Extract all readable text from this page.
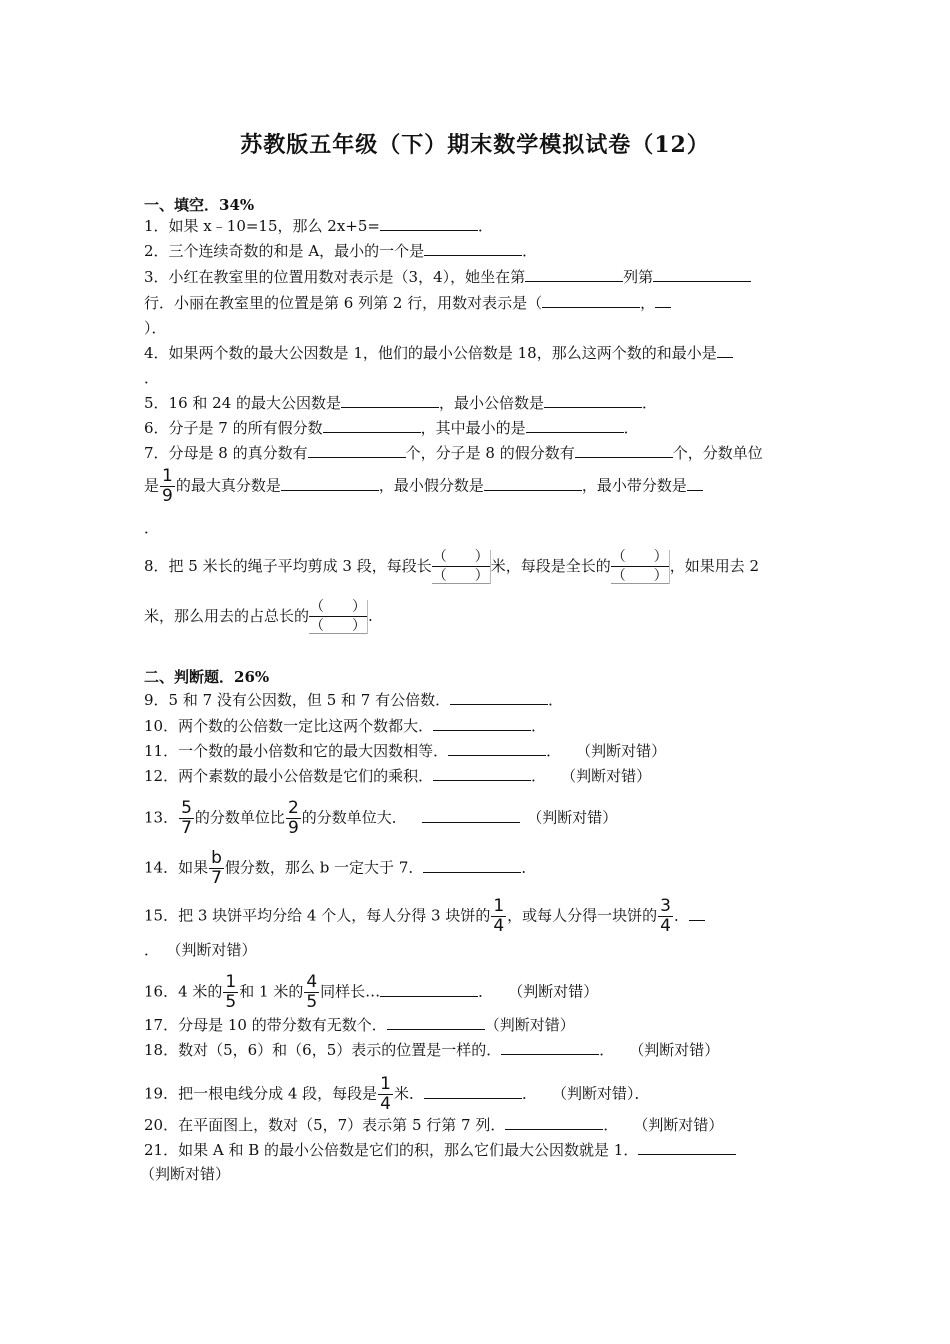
苏教版五年级（下）期末数学模拟试卷（12）
一、填空．34%
1．如果 x﹣10=15，那么 2x+5=	．
2．三个连续奇数的和是 A，最小的一个是	．
3．小红在教室里的位置用数对表示是（3，4），她坐在第	列第
行．小丽在教室里的位置是第 6 列第 2 行，用数对表示是（	，
）．
4．如果两个数的最大公因数是 1，他们的最小公倍数是 18，那么这两个数的和最小是
．
5．16 和 24 的最大公因数是	，最小公倍数是	．
6．分子是 7 的所有假分数	，其中最小的是	．
7．分母是 8 的真分数有	个，分子是 8 的假分数有	个，分数单位
是 $\frac{1}{9}$ 的最大真分数是	，最小假分数是	，最小带分数是
．
8．把 5 米长的绳子平均剪成 3 段，每段长 （　　）
（　　）
米，每段是全长的 （　　）
（　　）
，如果用去 2
米，那么用去的占总长的 （　　）
（　　）
.
二、判断题．26%
9．5 和 7 没有公因数，但 5 和 7 有公倍数．	．
10．两个数的公倍数一定比这两个数都大．	．
11．一个数的最小倍数和它的最大因数相等．	．  （判断对错）
12．两个素数的最小公倍数是它们的乘积．	．  （判断对错）
13． $\frac{5}{7}$ 的分数单位比 $\frac{2}{9}$ 的分数单位大．  	（判断对错）
14．如果 $\frac{b}{7}$ 假分数，那么 b 一定大于 7．	．
15．把 3 块饼平均分给 4 个人，每人分得 3 块饼的 $\frac{1}{4}$ ，或每人分得一块饼的 $\frac{3}{4}$ ．
．  （判断对错）
16．4 米的 $\frac{1}{5}$ 和 1 米的 $\frac{4}{5}$ 同样长…	．  （判断对错）
17．分母是 10 的带分数有无数个．	（判断对错）
18．数对（5，6）和（6，5）表示的位置是一样的．	．  （判断对错）
19．把一根电线分成 4 段，每段是 $\frac{1}{4}$ 米．	．  （判断对错）．
20．在平面图上，数对（5，7）表示第 5 行第 7 列．	．  （判断对错）
21．如果 A 和 B 的最小公倍数是它们的积，那么它们最大公因数就是 1．
（判断对错）
